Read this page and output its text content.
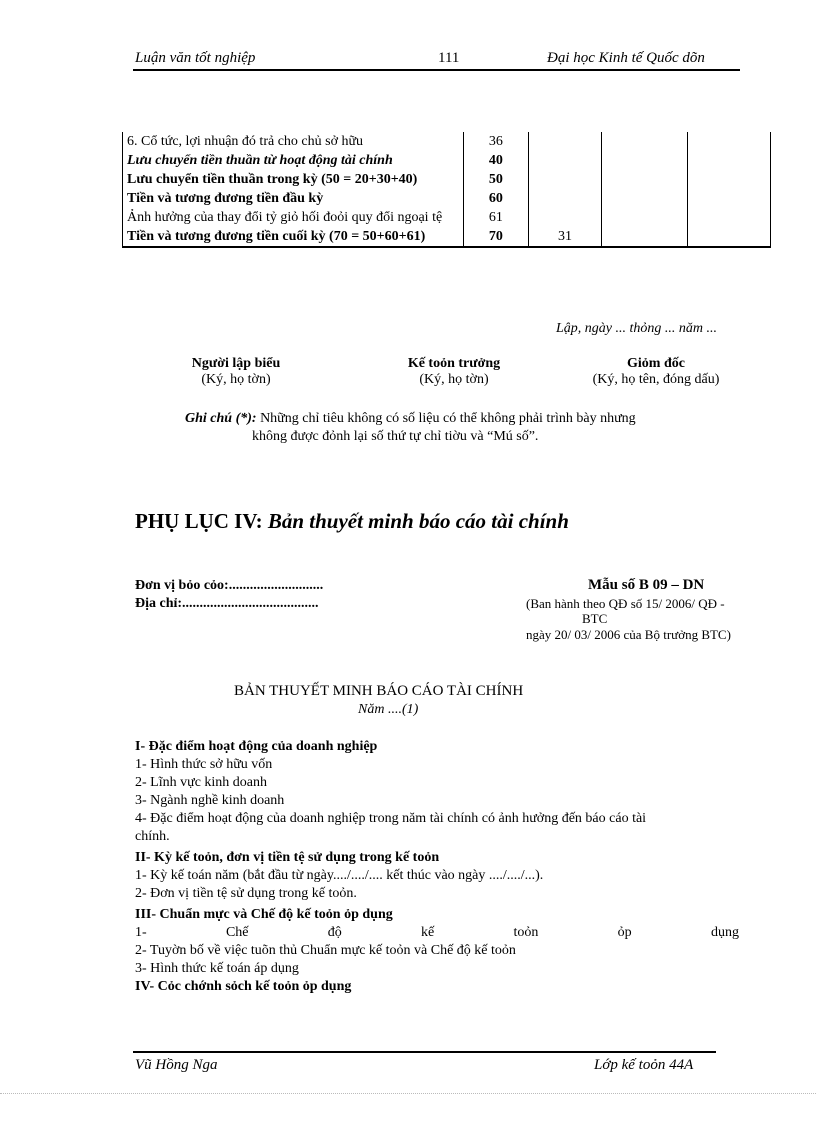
Luận văn tốt nghiệp	111	Đại học Kinh tế Quốc dõn
6. Cổ tức, lợi nhuận đó trả cho chủ sở hữu	36			
Lưu chuyển tiền thuần từ hoạt động tài chính	40			
Lưu chuyển tiền thuần trong kỳ (50 = 20+30+40)	50			
Tiền và tương đương tiền đầu kỳ	60			
Ảnh hưởng của thay đổi tỷ giỏ hối đoỏi quy đổi ngoại tệ	61			
Tiền và tương đương tiền cuối kỳ (70 = 50+60+61)	70	31		
Lập, ngày ... thỏng ... năm ...
Người lập biểu
(Ký, họ tờn)
Kế toỏn trưởng
(Ký, họ tờn)
Giỏm đốc
(Ký, họ tên, đóng dấu)
Ghi chú (*): Những chỉ tiêu không có số liệu có thể không phải trình bày nhưng
không được đỏnh lại số thứ tự chỉ tiờu và “Mú số”.
PHỤ LỤC IV: Bản thuyết minh báo cáo tài chính
Đơn vị bỏo cỏo:...........................
Địa chỉ:.......................................
Mẫu số B 09 – DN
(Ban hành theo QĐ số 15/ 2006/ QĐ -
BTC
ngày 20/ 03/ 2006 của Bộ trưởng BTC)
BẢN THUYẾT MINH BÁO CÁO TÀI CHÍNH
Năm ....(1)
I- Đặc điểm hoạt động của doanh nghiệp
1- Hình thức sở hữu vốn
2- Lĩnh vực kinh doanh
3- Ngành nghề kinh doanh
4- Đặc điểm hoạt động của doanh nghiệp trong năm tài chính có ảnh hưởng đến báo cáo tài
chính.
II- Kỳ kế toỏn, đơn vị tiền tệ sử dụng trong kế toỏn
1- Kỳ kế toán năm (bắt đầu từ ngày..../..../.... kết thúc vào ngày ..../..../...).
2- Đơn vị tiền tệ sử dụng trong kế toỏn.
III- Chuẩn mực và Chế độ kế toỏn ỏp dụng
1-	Chế	độ	kế	toỏn	ỏp	dụng
2- Tuyờn bố về việc tuõn thủ Chuẩn mực kế toỏn và Chế độ kế toỏn
3- Hình thức kế toán áp dụng
IV- Cỏc chớnh sỏch kế toỏn ỏp dụng
Vũ Hồng Nga	Lớp kế toỏn 44A
